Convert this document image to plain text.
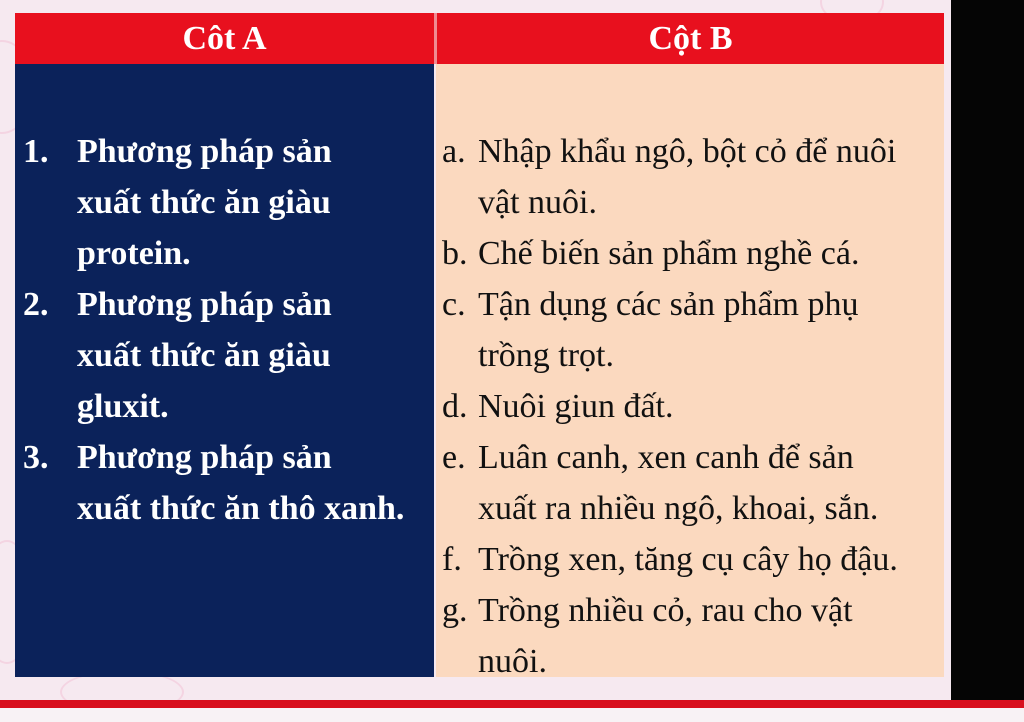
Côt A	Cột B
1. Phương pháp sản
xuất thức ăn giàu
protein.
2. Phương pháp sản
xuất thức ăn giàu
gluxit.
3. Phương pháp sản
xuất thức ăn thô xanh.
a. Nhập khẩu ngô, bột cỏ để nuôi
vật nuôi.
b. Chế biến sản phẩm nghề cá.
c. Tận dụng các sản phẩm phụ
trồng trọt.
d. Nuôi giun đất.
e. Luân canh, xen canh để sản
xuất ra nhiều ngô, khoai, sắn.
f. Trồng xen, tăng cụ cây họ đậu.
g. Trồng nhiều cỏ, rau cho vật
nuôi.
